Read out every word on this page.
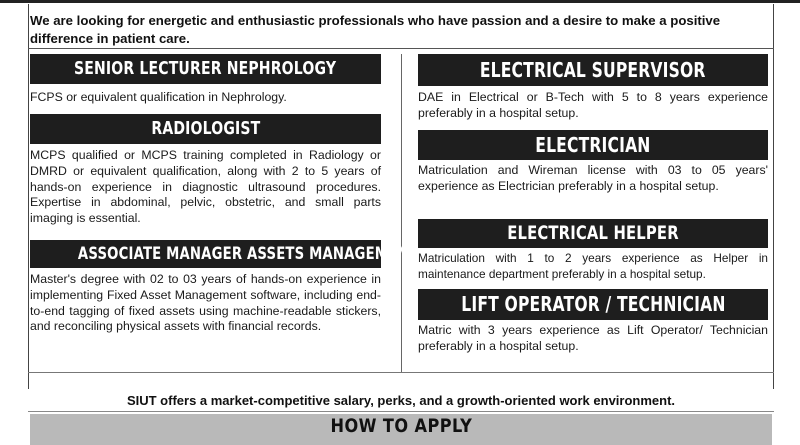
We are looking for energetic and enthusiastic professionals who have passion and a desire to make a positive difference in patient care.

SENIOR LECTURER NEPHROLOGY

FCPS or equivalent qualification in Nephrology.

RADIOLOGIST

MCPS qualified or MCPS training completed in Radiology or DMRD or equivalent qualification, along with 2 to 5 years of hands-on experience in diagnostic ultrasound procedures. Expertise in abdominal, pelvic, obstetric, and small parts imaging is essential.

ASSOCIATE MANAGER ASSETS MANAGEMENT

Master's degree with 02 to 03 years of hands-on experience in implementing Fixed Asset Management software, including end-to-end tagging of fixed assets using machine-readable stickers, and reconciling physical assets with financial records.

ELECTRICAL SUPERVISOR

DAE in Electrical or B-Tech with 5 to 8 years experience preferably in a hospital setup.

ELECTRICIAN

Matriculation and Wireman license with 03 to 05 years' experience as Electrician preferably in a hospital setup.

ELECTRICAL HELPER

Matriculation with 1 to 2 years experience as Helper in maintenance department preferably in a hospital setup.

LIFT OPERATOR / TECHNICIAN

Matric with 3 years experience as Lift Operator/ Technician preferably in a hospital setup.

SIUT offers a market-competitive salary, perks, and a growth-oriented work environment.

HOW TO APPLY
